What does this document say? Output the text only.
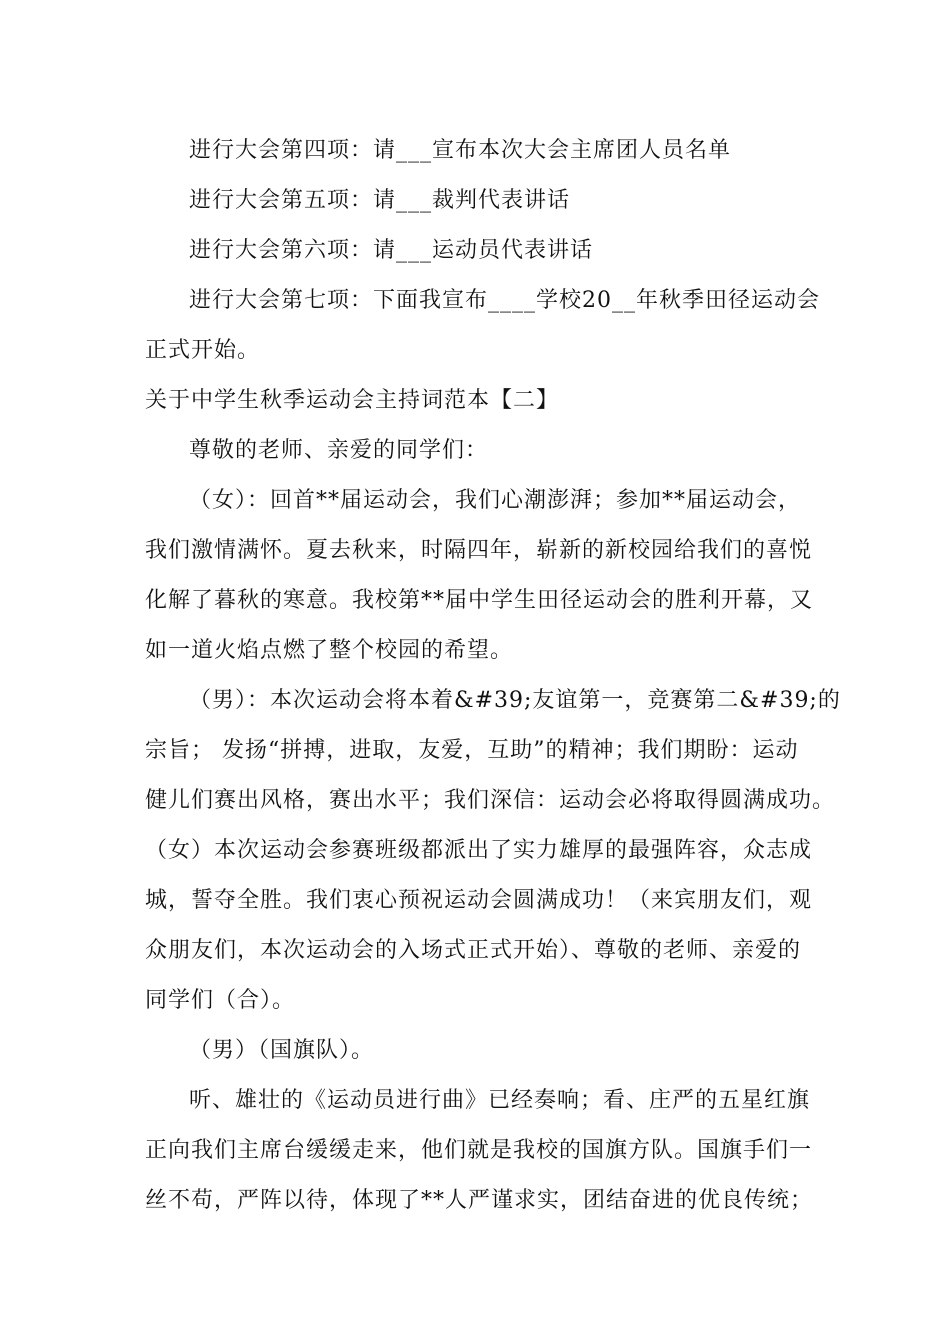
进行大会第四项：请___宣布本次大会主席团人员名单
进行大会第五项：请___裁判代表讲话
进行大会第六项：请___运动员代表讲话
进行大会第七项：下面我宣布____学校20__年秋季田径运动会
正式开始。
关于中学生秋季运动会主持词范本【二】
尊敬的老师、亲爱的同学们：
（女）：回首**届运动会，我们心潮澎湃；参加**届运动会，
我们激情满怀。夏去秋来，时隔四年，崭新的新校园给我们的喜悦
化解了暮秋的寒意。我校第**届中学生田径运动会的胜利开幕，又
如一道火焰点燃了整个校园的希望。
（男）：本次运动会将本着&#39;友谊第一，竞赛第二&#39;的
宗旨； 发扬“拼搏，进取，友爱，互助”的精神；我们期盼：运动
健儿们赛出风格，赛出水平；我们深信：运动会必将取得圆满成功。
（女）本次运动会参赛班级都派出了实力雄厚的最强阵容，众志成
城，誓夺全胜。我们衷心预祝运动会圆满成功！（来宾朋友们，观
众朋友们，本次运动会的入场式正式开始）、尊敬的老师、亲爱的
同学们（合）。
（男）（国旗队）。
听、雄壮的《运动员进行曲》已经奏响；看、庄严的五星红旗
正向我们主席台缓缓走来，他们就是我校的国旗方队。国旗手们一
丝不苟，严阵以待，体现了**人严谨求实，团结奋进的优良传统；
